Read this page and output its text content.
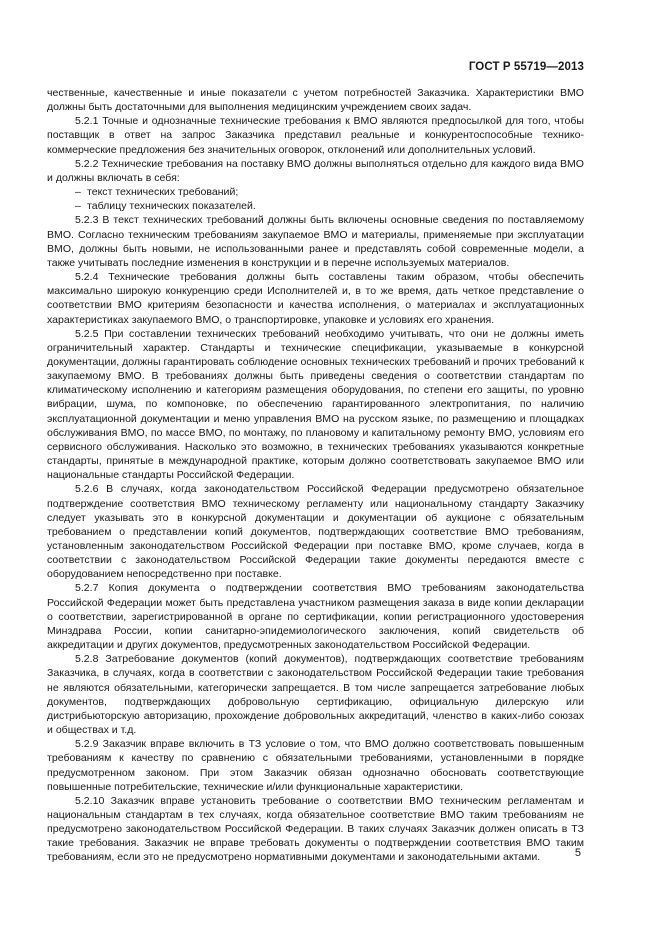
ГОСТ Р 55719—2013

чественные, качественные и иные показатели с учетом потребностей Заказчика. Характеристики ВМО должны быть достаточными для выполнения медицинским учреждением своих задач.

5.2.1 Точные и однозначные технические требования к ВМО являются предпосылкой для того, чтобы поставщик в ответ на запрос Заказчика представил реальные и конкурентоспособные технико-коммерческие предложения без значительных оговорок, отклонений или дополнительных условий.

5.2.2 Технические требования на поставку ВМО должны выполняться отдельно для каждого вида ВМО и должны включать в себя:

– текст технических требований;

– таблицу технических показателей.

5.2.3 В текст технических требований должны быть включены основные сведения по поставляемому ВМО. Согласно техническим требованиям закупаемое ВМО и материалы, применяемые при эксплуатации ВМО, должны быть новыми, не использованными ранее и представлять собой современные модели, а также учитывать последние изменения в конструкции и в перечне используемых материалов.

5.2.4 Технические требования должны быть составлены таким образом, чтобы обеспечить максимально широкую конкуренцию среди Исполнителей и, в то же время, дать четкое представление о соответствии ВМО критериям безопасности и качества исполнения, о материалах и эксплуатационных характеристиках закупаемого ВМО, о транспортировке, упаковке и условиях его хранения.

5.2.5 При составлении технических требований необходимо учитывать, что они не должны иметь ограничительный характер. Стандарты и технические спецификации, указываемые в конкурсной документации, должны гарантировать соблюдение основных технических требований и прочих требований к закупаемому ВМО. В требованиях должны быть приведены сведения о соответствии стандартам по климатическому исполнению и категориям размещения оборудования, по степени его защиты, по уровню вибрации, шума, по компоновке, по обеспечению гарантированного электропитания, по наличию эксплуатационной документации и меню управления ВМО на русском языке, по размещению и площадках обслуживания ВМО, по массе ВМО, по монтажу, по плановому и капитальному ремонту ВМО, условиям его сервисного обслуживания. Насколько это возможно, в технических требованиях указываются конкретные стандарты, принятые в международной практике, которым должно соответствовать закупаемое ВМО или национальные стандарты Российской Федерации.

5.2.6 В случаях, когда законодательством Российской Федерации предусмотрено обязательное подтверждение соответствия ВМО техническому регламенту или национальному стандарту Заказчику следует указывать это в конкурсной документации и документации об аукционе с обязательным требованием о представлении копий документов, подтверждающих соответствие ВМО требованиям, установленным законодательством Российской Федерации при поставке ВМО, кроме случаев, когда в соответствии с законодательством Российской Федерации такие документы передаются вместе с оборудованием непосредственно при поставке.

5.2.7 Копия документа о подтверждении соответствия ВМО требованиям законодательства Российской Федерации может быть представлена участником размещения заказа в виде копии декларации о соответствии, зарегистрированной в органе по сертификации, копии регистрационного удостоверения Минздрава России, копии санитарно-эпидемиологического заключения, копий свидетельств об аккредитации и других документов, предусмотренных законодательством Российской Федерации.

5.2.8 Затребование документов (копий документов), подтверждающих соответствие требованиям Заказчика, в случаях, когда в соответствии с законодательством Российской Федерации такие требования не являются обязательными, категорически запрещается. В том числе запрещается затребование любых документов, подтверждающих добровольную сертификацию, официальную дилерскую или дистрибьюторскую авторизацию, прохождение добровольных аккредитаций, членство в каких-либо союзах и обществах и т.д.

5.2.9 Заказчик вправе включить в ТЗ условие о том, что ВМО должно соответствовать повышенным требованиям к качеству по сравнению с обязательными требованиями, установленными в порядке предусмотренном законом. При этом Заказчик обязан однозначно обосновать соответствующие повышенные потребительские, технические и/или функциональные характеристики.

5.2.10 Заказчик вправе установить требование о соответствии ВМО техническим регламентам и национальным стандартам в тех случаях, когда обязательное соответствие ВМО таким требованиям не предусмотрено законодательством Российской Федерации. В таких случаях Заказчик должен описать в ТЗ такие требования. Заказчик не вправе требовать документы о подтверждении соответствия ВМО таким требованиям, если это не предусмотрено нормативными документами и законодательными актами.	5
